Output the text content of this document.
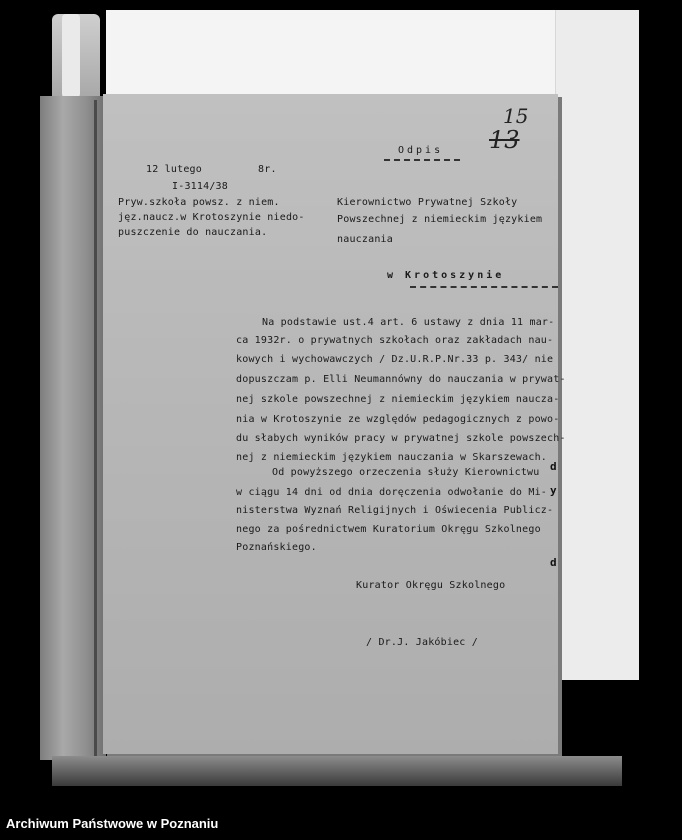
15
13
12 lutego	8r.
I-3114/38
Pryw.szkoła powsz. z niem.
jęz.naucz.w Krotoszynie niedo-
puszczenie do nauczania.
Odpis
Kierownictwo Prywatnej Szkoły
Powszechnej z niemieckim językiem
nauczania
w Krotoszynie
Na podstawie ust.4 art. 6 ustawy z dnia 11 mar-
ca 1932r. o prywatnych szkołach oraz zakładach nau-
kowych i wychowawczych / Dz.U.R.P.Nr.33 p. 343/ nie
dopuszczam p. Elli Neumannówny do nauczania w prywat-
nej szkole powszechnej z niemieckim językiem naucza-
nia w Krotoszynie ze względów pedagogicznych z powo-
du słabych wyników pracy w prywatnej szkole powszech-
nej z niemieckim językiem nauczania w Skarszewach.
Od powyższego orzeczenia służy Kierownictwu
w ciągu 14 dni od dnia doręczenia odwołanie do Mi-
nisterstwa Wyznań Religijnych i Oświecenia Publicz-
nego za pośrednictwem Kuratorium Okręgu Szkolnego
Poznańskiego.
Kurator Okręgu Szkolnego
/ Dr.J. Jakóbiec /
d
y
d
Archiwum Państwowe w Poznaniu
